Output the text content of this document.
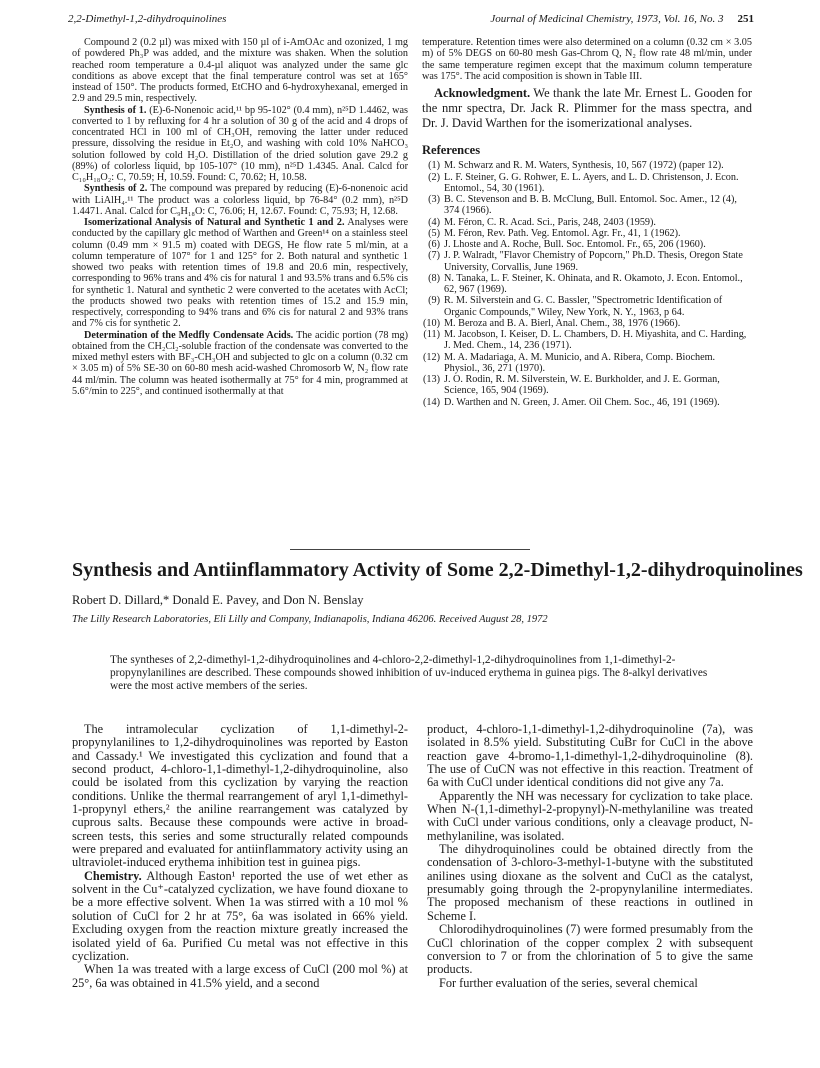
2,2-Dimethyl-1,2-dihydroquinolines	Journal of Medicinal Chemistry, 1973, Vol. 16, No. 3 251

Compound 2 (0.2 µl) was mixed with 150 µl of i-AmOAc and ozonized, 1 mg of powdered Ph₃P was added, and the mixture was shaken. When the solution reached room temperature a 0.4-µl aliquot was analyzed under the same glc conditions as above except that the final temperature control was set at 165° instead of 150°. The products formed, EtCHO and 6-hydroxyhexanal, emerged in 2.9 and 29.5 min, respectively.

Synthesis of 1. (E)-6-Nonenoic acid,¹¹ bp 95-102° (0.4 mm), n²⁵D 1.4462, was converted to 1 by refluxing for 4 hr a solution of 30 g of the acid and 4 drops of concentrated HCl in 100 ml of CH₃OH, removing the latter under reduced pressure, dissolving the residue in Et₂O, and washing with cold 10% NaHCO₃ solution followed by cold H₂O. Distillation of the dried solution gave 29.2 g (89%) of colorless liquid, bp 105-107° (10 mm), n²⁵D 1.4345. Anal. Calcd for C₁₀H₁₈O₂: C, 70.59; H, 10.59. Found: C, 70.62; H, 10.58.

Synthesis of 2. The compound was prepared by reducing (E)-6-nonenoic acid with LiAlH₄.¹¹ The product was a colorless liquid, bp 76-84° (0.2 mm), n²⁵D 1.4471. Anal. Calcd for C₉H₁₈O: C, 76.06; H, 12.67. Found: C, 75.93; H, 12.68.

Isomerizational Analysis of Natural and Synthetic 1 and 2. Analyses were conducted by the capillary glc method of Warthen and Green¹⁴ on a stainless steel column (0.49 mm × 91.5 m) coated with DEGS, He flow rate 5 ml/min, at a column temperature of 107° for 1 and 125° for 2. Both natural and synthetic 1 showed two peaks with retention times of 19.8 and 20.6 min, respectively, corresponding to 96% trans and 4% cis for natural 1 and 93.5% trans and 6.5% cis for synthetic 1. Natural and synthetic 2 were converted to the acetates with AcCl; the products showed two peaks with retention times of 15.2 and 15.9 min, respectively, corresponding to 94% trans and 6% cis for natural 2 and 93% trans and 7% cis for synthetic 2.

Determination of the Medfly Condensate Acids. The acidic portion (78 mg) obtained from the CH₂Cl₂-soluble fraction of the condensate was converted to the mixed methyl esters with BF₃-CH₃OH and subjected to glc on a column (0.32 cm × 3.05 m) of 5% SE-30 on 60-80 mesh acid-washed Chromosorb W, N₂ flow rate 44 ml/min. The column was heated isothermally at 75° for 4 min, programmed at 5.6°/min to 225°, and continued isothermally at that

temperature. Retention times were also determined on a column (0.32 cm × 3.05 m) of 5% DEGS on 60-80 mesh Gas-Chrom Q, N₂ flow rate 48 ml/min, under the same temperature regimen except that the maximum column temperature was 175°. The acid composition is shown in Table III.

Acknowledgment. We thank the late Mr. Ernest L. Gooden for the nmr spectra, Dr. Jack R. Plimmer for the mass spectra, and Dr. J. David Warthen for the isomerizational analyses.

References
(1) M. Schwarz and R. M. Waters, Synthesis, 10, 567 (1972) (paper 12).
(2) L. F. Steiner, G. G. Rohwer, E. L. Ayers, and L. D. Christenson, J. Econ. Entomol., 54, 30 (1961).
(3) B. C. Stevenson and B. B. McClung, Bull. Entomol. Soc. Amer., 12 (4), 374 (1966).
(4) M. Féron, C. R. Acad. Sci., Paris, 248, 2403 (1959).
(5) M. Féron, Rev. Path. Veg. Entomol. Agr. Fr., 41, 1 (1962).
(6) J. Lhoste and A. Roche, Bull. Soc. Entomol. Fr., 65, 206 (1960).
(7) J. P. Walradt, "Flavor Chemistry of Popcorn," Ph.D. Thesis, Oregon State University, Corvallis, June 1969.
(8) N. Tanaka, L. F. Steiner, K. Ohinata, and R. Okamoto, J. Econ. Entomol., 62, 967 (1969).
(9) R. M. Silverstein and G. C. Bassler, "Spectrometric Identification of Organic Compounds," Wiley, New York, N. Y., 1963, p 64.
(10) M. Beroza and B. A. Bierl, Anal. Chem., 38, 1976 (1966).
(11) M. Jacobson, I. Keiser, D. L. Chambers, D. H. Miyashita, and C. Harding, J. Med. Chem., 14, 236 (1971).
(12) M. A. Madariaga, A. M. Municio, and A. Ribera, Comp. Biochem. Physiol., 36, 271 (1970).
(13) J. O. Rodin, R. M. Silverstein, W. E. Burkholder, and J. E. Gorman, Science, 165, 904 (1969).
(14) D. Warthen and N. Green, J. Amer. Oil Chem. Soc., 46, 191 (1969).
Synthesis and Antiinflammatory Activity of Some 2,2-Dimethyl-1,2-dihydroquinolines
Robert D. Dillard,* Donald E. Pavey, and Don N. Benslay
The Lilly Research Laboratories, Eli Lilly and Company, Indianapolis, Indiana 46206. Received August 28, 1972

The syntheses of 2,2-dimethyl-1,2-dihydroquinolines and 4-chloro-2,2-dimethyl-1,2-dihydroquinolines from 1,1-dimethyl-2-propynylanilines are described. These compounds showed inhibition of uv-induced erythema in guinea pigs. The 8-alkyl derivatives were the most active members of the series.

The intramolecular cyclization of 1,1-dimethyl-2-propynylanilines to 1,2-dihydroquinolines was reported by Easton and Cassady.¹ We investigated this cyclization and found that a second product, 4-chloro-1,1-dimethyl-1,2-dihydroquinoline, also could be isolated from this cyclization by varying the reaction conditions. Unlike the thermal rearrangement of aryl 1,1-dimethyl-1-propynyl ethers,² the aniline rearrangement was catalyzed by cuprous salts. Because these compounds were active in broad-screen tests, this series and some structurally related compounds were prepared and evaluated for antiinflammatory activity using an ultraviolet-induced erythema inhibition test in guinea pigs.

Chemistry. Although Easton¹ reported the use of wet ether as solvent in the Cu⁺-catalyzed cyclization, we have found dioxane to be a more effective solvent. When 1a was stirred with a 10 mol % solution of CuCl for 2 hr at 75°, 6a was isolated in 66% yield. Excluding oxygen from the reaction mixture greatly increased the isolated yield of 6a. Purified Cu metal was not effective in this cyclization.

When 1a was treated with a large excess of CuCl (200 mol %) at 25°, 6a was obtained in 41.5% yield, and a second

product, 4-chloro-1,1-dimethyl-1,2-dihydroquinoline (7a), was isolated in 8.5% yield. Substituting CuBr for CuCl in the above reaction gave 4-bromo-1,1-dimethyl-1,2-dihydroquinoline (8). The use of CuCN was not effective in this reaction. Treatment of 6a with CuCl under identical conditions did not give any 7a.

Apparently the NH was necessary for cyclization to take place. When N-(1,1-dimethyl-2-propynyl)-N-methylaniline was treated with CuCl under various conditions, only a cleavage product, N-methylaniline, was isolated.

The dihydroquinolines could be obtained directly from the condensation of 3-chloro-3-methyl-1-butyne with the substituted anilines using dioxane as the solvent and CuCl as the catalyst, presumably going through the 2-propynylaniline intermediates. The proposed mechanism of these reactions in outlined in Scheme I.

Chlorodihydroquinolines (7) were formed presumably from the CuCl chlorination of the copper complex 2 with subsequent conversion to 7 or from the chlorination of 5 to give the same products.

For further evaluation of the series, several chemical
